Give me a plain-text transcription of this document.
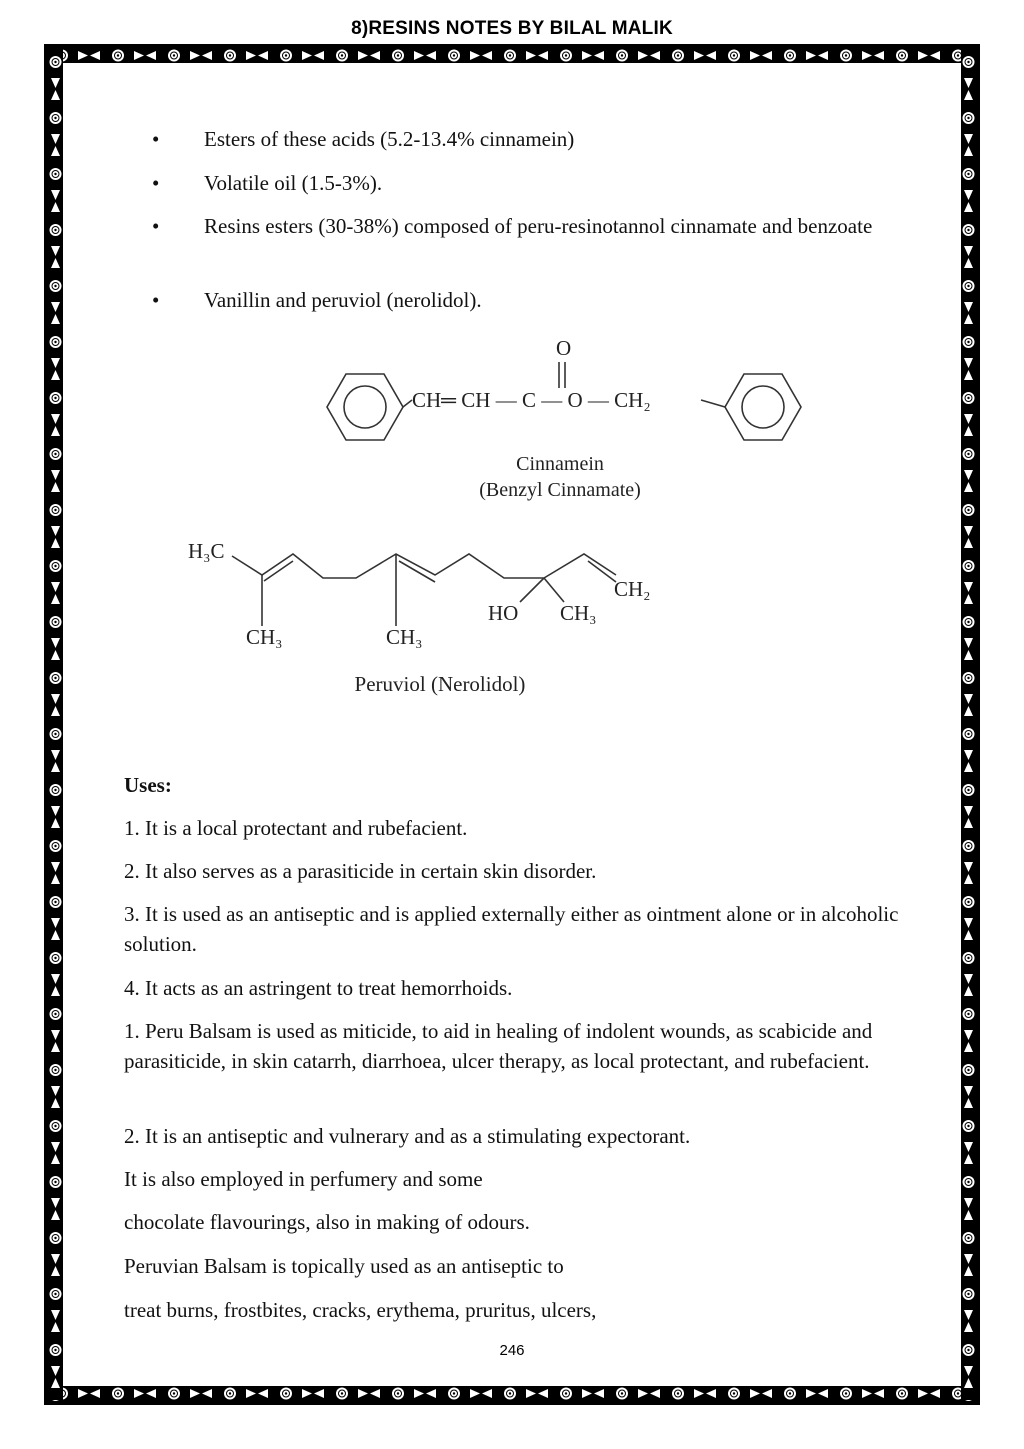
8)RESINS NOTES BY BILAL MALIK
•	Esters of these acids (5.2-13.4% cinnamein)
•	Volatile oil (1.5-3%).
•	Resins esters (30-38%) composed of peru-resinotannol cinnamate and benzoate
•	Vanillin and peruviol (nerolidol).
O
CH═ CH — C — O — CH₂
Cinnamein
(Benzyl Cinnamate)
H₃C
CH₃	CH₃
HO CH₃
CH₂
Peruviol (Nerolidol)
Uses:
1. It is a local protectant and rubefacient.
2. It also serves as a parasiticide in certain skin disorder.
3. It is used as an antiseptic and is applied externally either as ointment alone or in alcoholic solution.
4. It acts as an astringent to treat hemorrhoids.
1. Peru Balsam is used as miticide, to aid in healing of indolent wounds, as scabicide and parasiticide, in skin catarrh, diarrhoea, ulcer therapy, as local protectant, and rubefacient.
2. It is an antiseptic and vulnerary and as a stimulating expectorant.
It is also employed in perfumery and some
chocolate flavourings, also in making of odours.
Peruvian Balsam is topically used as an antiseptic to
treat burns, frostbites, cracks, erythema, pruritus, ulcers,
246
